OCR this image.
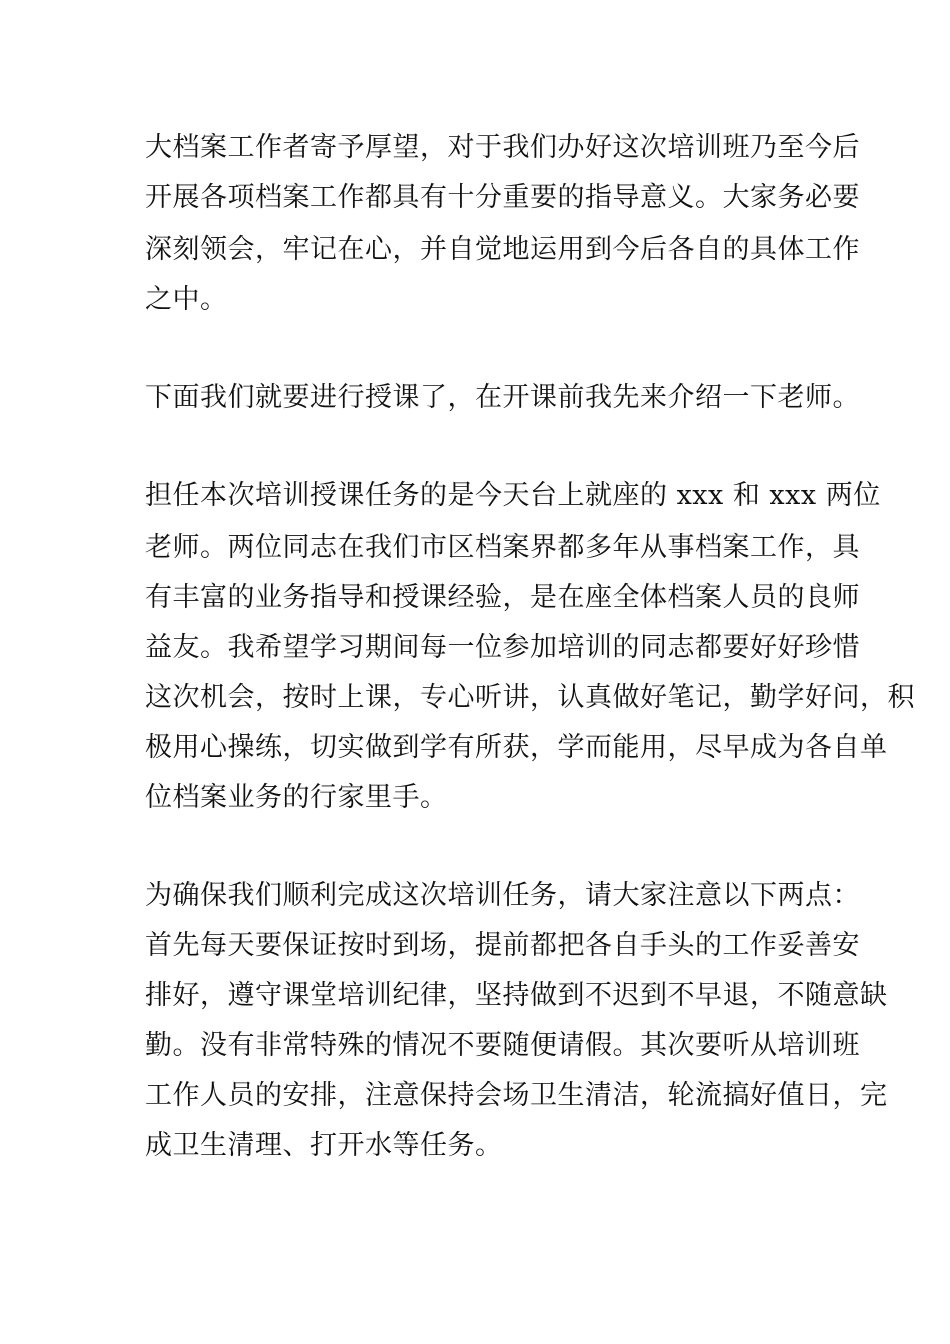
大档案工作者寄予厚望，对于我们办好这次培训班乃至今后

开展各项档案工作都具有十分重要的指导意义。大家务必要

深刻领会，牢记在心，并自觉地运用到今后各自的具体工作

之中。

下面我们就要进行授课了，在开课前我先来介绍一下老师。

担任本次培训授课任务的是今天台上就座的 xxx 和 xxx 两位

老师。两位同志在我们市区档案界都多年从事档案工作，具

有丰富的业务指导和授课经验，是在座全体档案人员的良师

益友。我希望学习期间每一位参加培训的同志都要好好珍惜

这次机会，按时上课，专心听讲，认真做好笔记，勤学好问，积

极用心操练，切实做到学有所获，学而能用，尽早成为各自单

位档案业务的行家里手。

为确保我们顺利完成这次培训任务，请大家注意以下两点：

首先每天要保证按时到场，提前都把各自手头的工作妥善安

排好，遵守课堂培训纪律，坚持做到不迟到不早退，不随意缺

勤。没有非常特殊的情况不要随便请假。其次要听从培训班

工作人员的安排，注意保持会场卫生清洁，轮流搞好值日，完

成卫生清理、打开水等任务。
